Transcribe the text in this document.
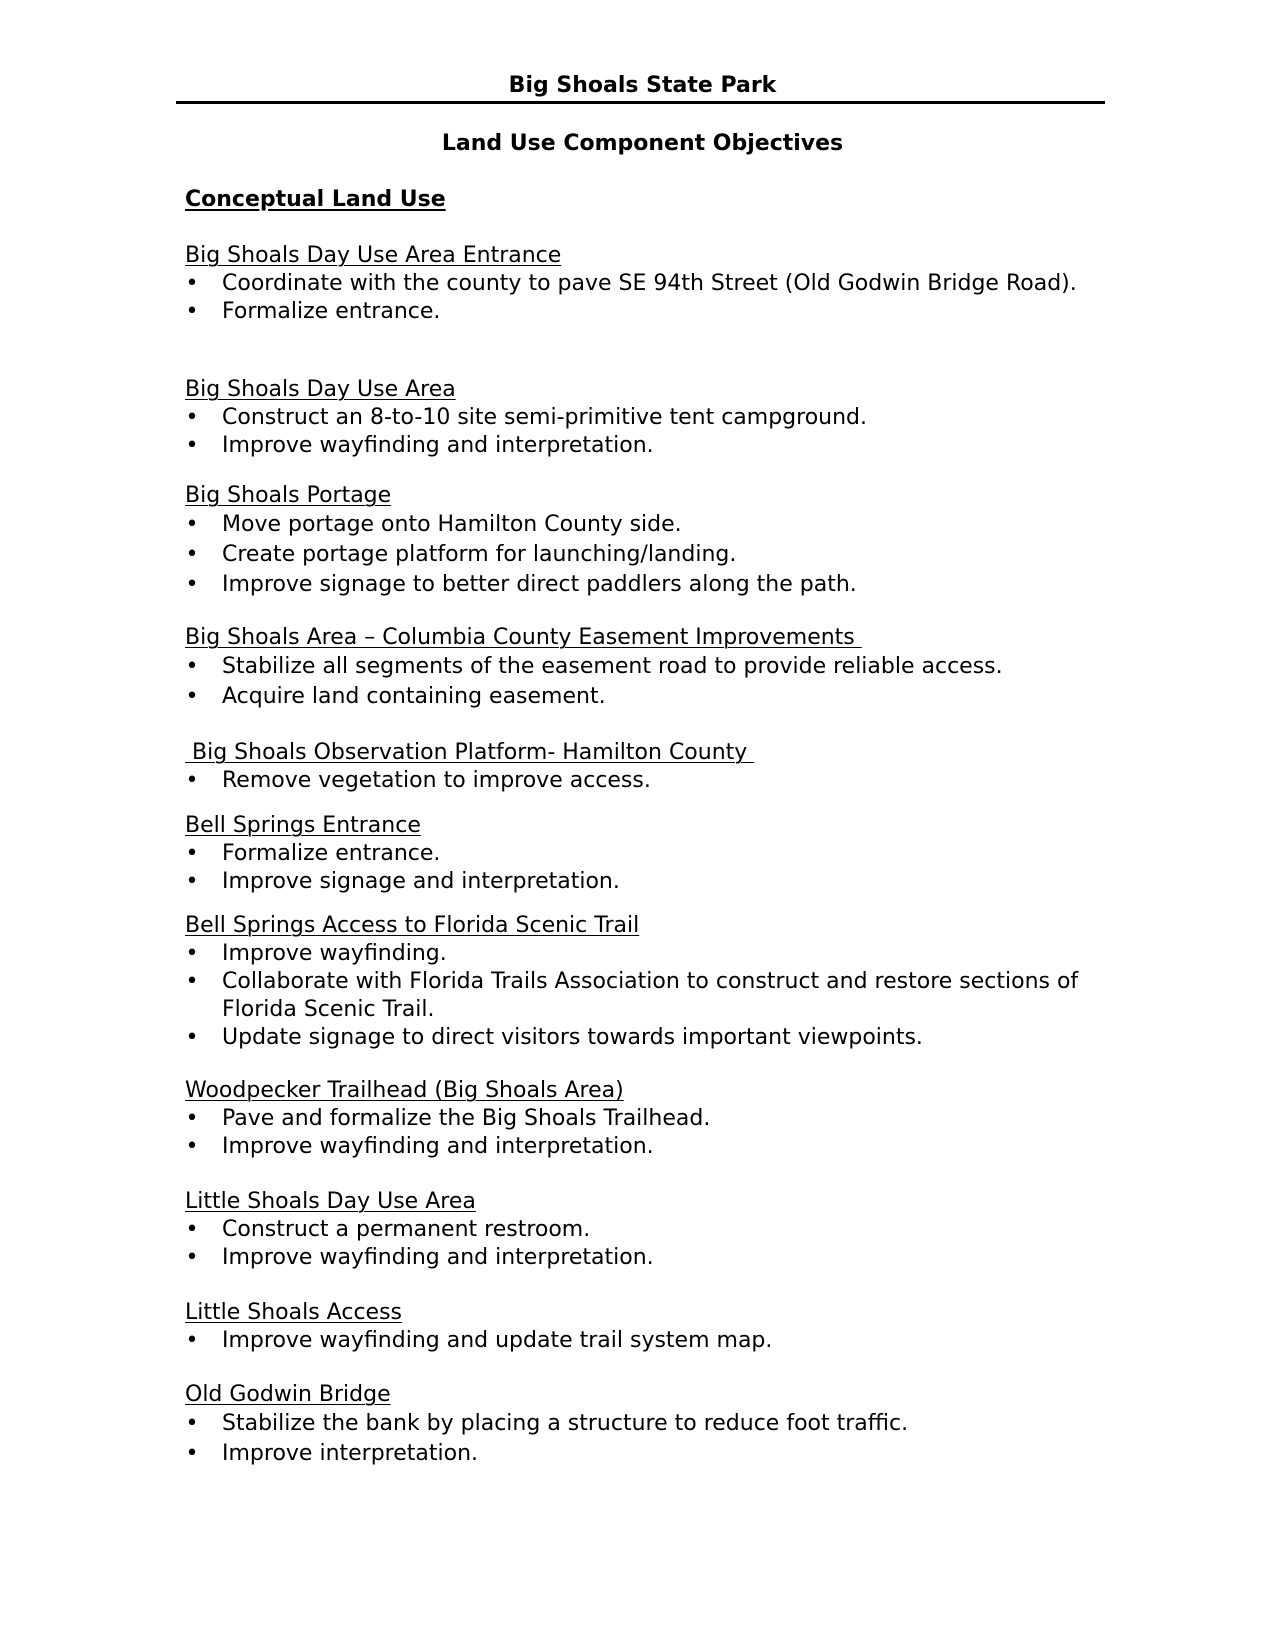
Big Shoals State Park
Land Use Component Objectives
Conceptual Land Use
Big Shoals Day Use Area Entrance
• Coordinate with the county to pave SE 94th Street (Old Godwin Bridge Road).
• Formalize entrance.
Big Shoals Day Use Area
• Construct an 8-to-10 site semi-primitive tent campground.
• Improve wayfinding and interpretation.
Big Shoals Portage
• Move portage onto Hamilton County side.
• Create portage platform for launching/landing.
• Improve signage to better direct paddlers along the path.
Big Shoals Area – Columbia County Easement Improvements
• Stabilize all segments of the easement road to provide reliable access.
• Acquire land containing easement.
Big Shoals Observation Platform- Hamilton County
• Remove vegetation to improve access.
Bell Springs Entrance
• Formalize entrance.
• Improve signage and interpretation.
Bell Springs Access to Florida Scenic Trail
• Improve wayfinding.
• Collaborate with Florida Trails Association to construct and restore sections of Florida Scenic Trail.
• Update signage to direct visitors towards important viewpoints.
Woodpecker Trailhead (Big Shoals Area)
• Pave and formalize the Big Shoals Trailhead.
• Improve wayfinding and interpretation.
Little Shoals Day Use Area
• Construct a permanent restroom.
• Improve wayfinding and interpretation.
Little Shoals Access
• Improve wayfinding and update trail system map.
Old Godwin Bridge
• Stabilize the bank by placing a structure to reduce foot traffic.
• Improve interpretation.
